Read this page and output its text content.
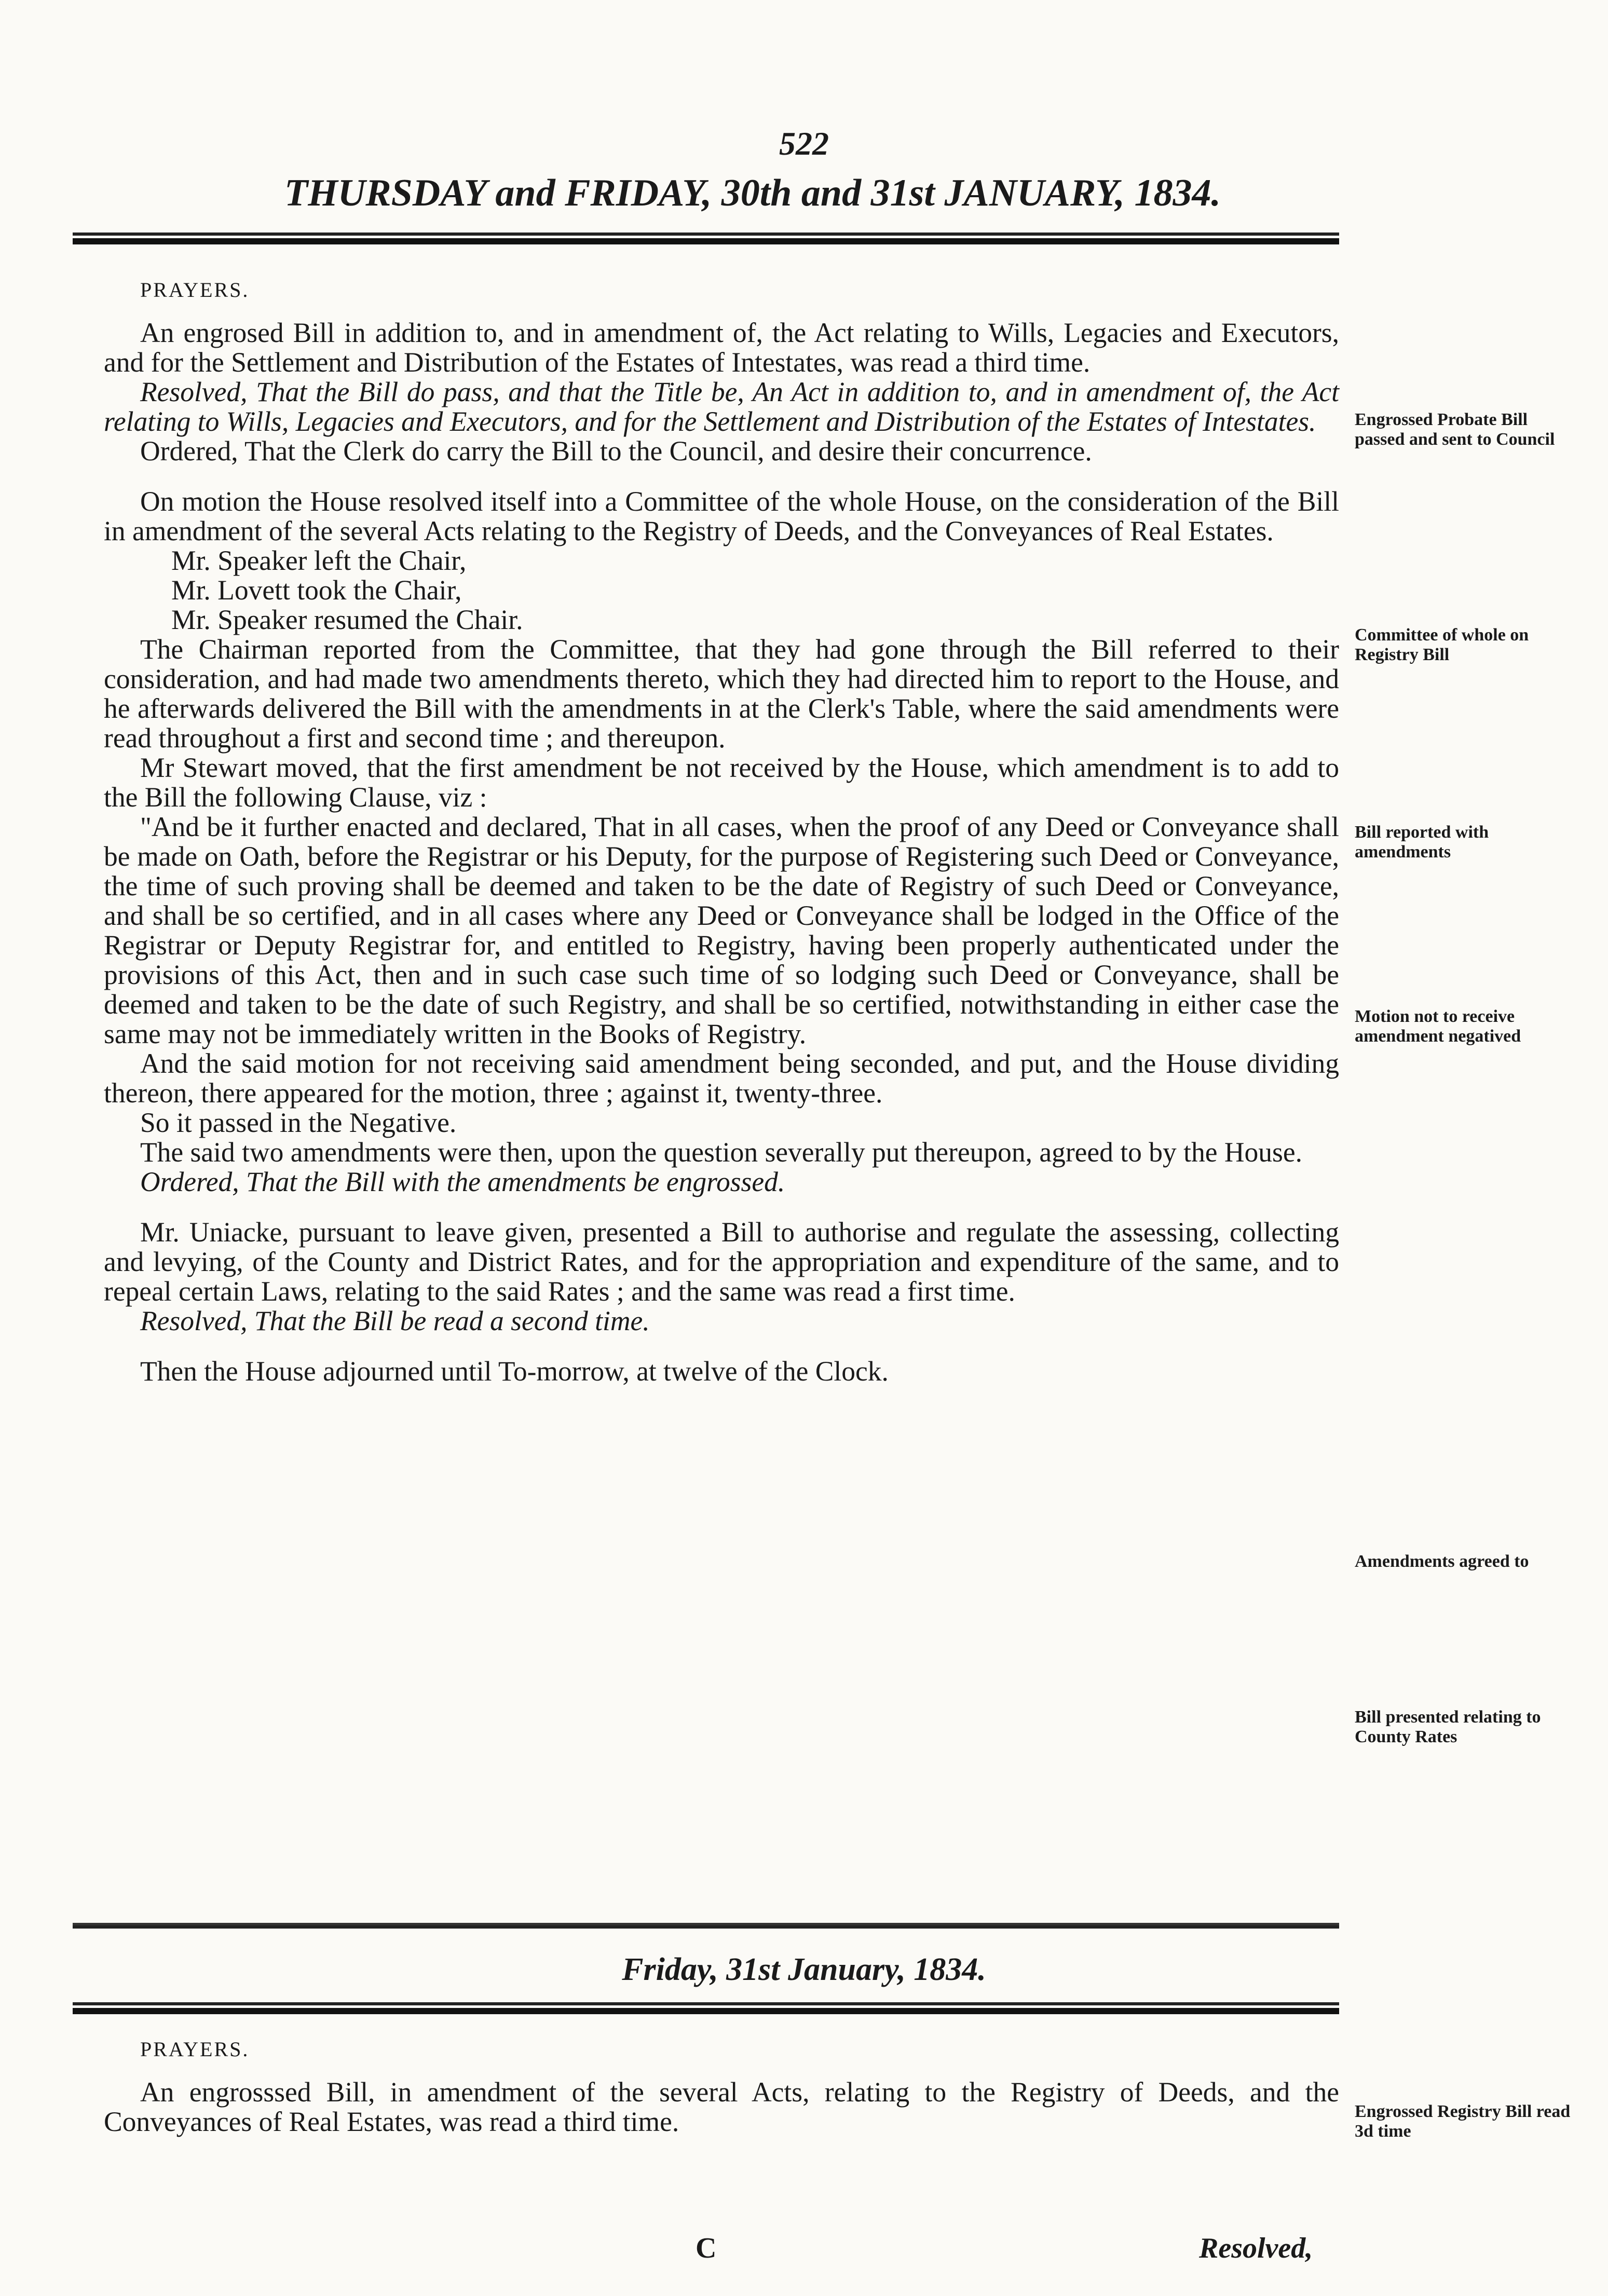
522
THURSDAY and FRIDAY, 30th and 31st JANUARY, 1834.

PRAYERS.

An engrosed Bill in addition to, and in amendment of, the Act relating to Wills, Legacies and Executors, and for the Settlement and Distribution of the Estates of Intestates, was read a third time.

Resolved, That the Bill do pass, and that the Title be, An Act in addition to, and in amendment of, the Act relating to Wills, Legacies and Executors, and for the Settlement and Distribution of the Estates of Intestates.

Ordered, That the Clerk do carry the Bill to the Council, and desire their concurrence.

On motion the House resolved itself into a Committee of the whole House, on the consideration of the Bill in amendment of the several Acts relating to the Registry of Deeds, and the Conveyances of Real Estates.

Mr. Speaker left the Chair,

Mr. Lovett took the Chair,

Mr. Speaker resumed the Chair.

The Chairman reported from the Committee, that they had gone through the Bill referred to their consideration, and had made two amendments thereto, which they had directed him to report to the House, and he afterwards delivered the Bill with the amendments in at the Clerk's Table, where the said amendments were read throughout a first and second time ; and thereupon.

Mr Stewart moved, that the first amendment be not received by the House, which amendment is to add to the Bill the following Clause, viz :

"And be it further enacted and declared, That in all cases, when the proof of any Deed or Conveyance shall be made on Oath, before the Registrar or his Deputy, for the purpose of Registering such Deed or Conveyance, the time of such proving shall be deemed and taken to be the date of Registry of such Deed or Conveyance, and shall be so certified, and in all cases where any Deed or Conveyance shall be lodged in the Office of the Registrar or Deputy Registrar for, and entitled to Registry, having been properly authenticated under the provisions of this Act, then and in such case such time of so lodging such Deed or Conveyance, shall be deemed and taken to be the date of such Registry, and shall be so certified, notwithstanding in either case the same may not be immediately written in the Books of Registry.

And the said motion for not receiving said amendment being seconded, and put, and the House dividing thereon, there appeared for the motion, three ; against it, twenty-three.

So it passed in the Negative.

The said two amendments were then, upon the question severally put thereupon, agreed to by the House.

Ordered, That the Bill with the amendments be engrossed.

Mr. Uniacke, pursuant to leave given, presented a Bill to authorise and regulate the assessing, collecting and levying, of the County and District Rates, and for the appropriation and expenditure of the same, and to repeal certain Laws, relating to the said Rates ; and the same was read a first time.

Resolved, That the Bill be read a second time.

Then the House adjourned until To-morrow, at twelve of the Clock.

Engrossed Probate Bill passed and sent to Council
Committee of whole on Registry Bill
Bill reported with amendments
Motion not to receive amendment negatived
Amendments agreed to
Bill presented relating to County Rates
Engrossed Registry Bill read 3d time
Friday, 31st January, 1834.

PRAYERS.

An engrosssed Bill, in amendment of the several Acts, relating to the Registry of Deeds, and the Conveyances of Real Estates, was read a third time.

C	Resolved,
